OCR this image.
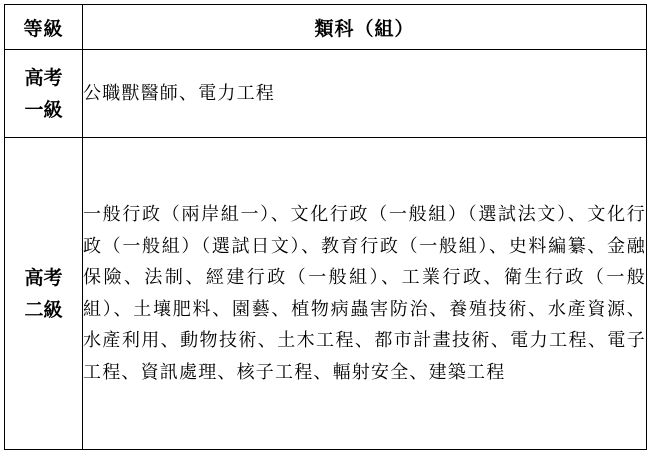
等級	類科（組）

高考
一級	公職獸醫師、電力工程

高考
二級	一般行政（兩岸組一）、文化行政（一般組）（選試法文）、文化行政（一般組）（選試日文）、教育行政（一般組）、史料編纂、金融保險、法制、經建行政（一般組）、工業行政、衛生行政（一般組）、土壤肥料、園藝、植物病蟲害防治、養殖技術、水產資源、水產利用、動物技術、土木工程、都市計畫技術、電力工程、電子工程、資訊處理、核子工程、輻射安全、建築工程
